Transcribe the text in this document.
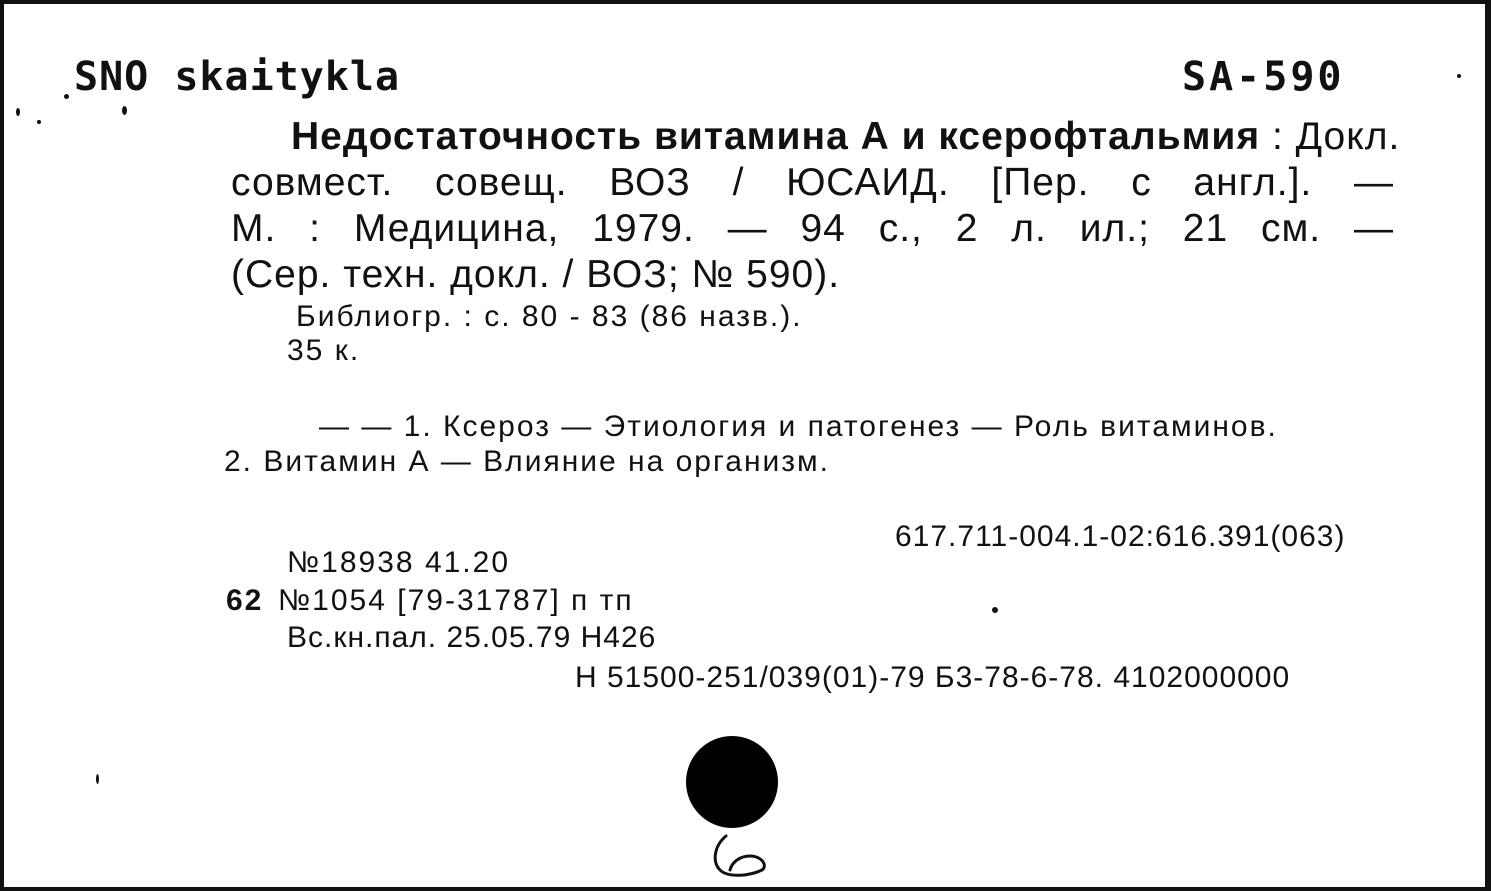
SNO skaitykla	SA-590
Недостаточность витамина А и ксерофтальмия : Докл.
совмест. совещ. ВОЗ / ЮСАИД. [Пер. с англ.]. —
М. : Медицина, 1979. — 94 с., 2 л. ил.; 21 см. —
(Сер. техн. докл. / ВОЗ; № 590).
Библиогр. : с. 80 - 83 (86 назв.).
35 к.
— — 1. Ксероз — Этиология и патогенез — Роль витаминов.
2. Витамин А — Влияние на организм.
617.711-004.1-02:616.391(063)
№18938 41.20
62 №1054 [79-31787] п тп
Вс.кн.пал. 25.05.79 Н426
Н 51500-251/039(01)-79 Б3-78-6-78. 4102000000
